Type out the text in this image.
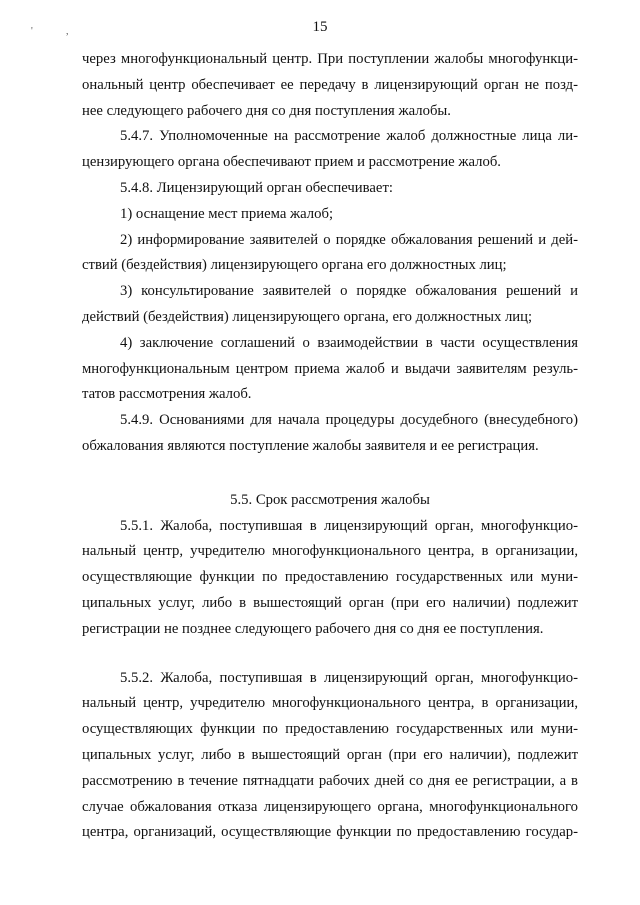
'	,	15
через многофункциональный центр. При поступлении жалобы многофункци-
ональный центр обеспечивает ее передачу в лицензирующий орган не позд-
нее следующего рабочего дня со дня поступления жалобы.
5.4.7. Уполномоченные на рассмотрение жалоб должностные лица ли-
цензирующего органа обеспечивают прием и рассмотрение жалоб.
5.4.8. Лицензирующий орган обеспечивает:
1) оснащение мест приема жалоб;
2) информирование заявителей о порядке обжалования решений и дей-
ствий (бездействия) лицензирующего органа его должностных лиц;
3) консультирование заявителей о порядке обжалования решений и
действий (бездействия) лицензирующего органа, его должностных лиц;
4) заключение соглашений о взаимодействии в части осуществления
многофункциональным центром приема жалоб и выдачи заявителям резуль-
татов рассмотрения жалоб.
5.4.9. Основаниями для начала процедуры досудебного (внесудебного)
обжалования являются поступление жалобы заявителя и ее регистрация.
5.5. Срок рассмотрения жалобы
5.5.1. Жалоба, поступившая в лицензирующий орган, многофункцио-
нальный центр, учредителю многофункционального центра, в организации,
осуществляющие функции по предоставлению государственных или муни-
ципальных услуг, либо в вышестоящий орган (при его наличии) подлежит
регистрации не позднее следующего рабочего дня со дня ее поступления.
5.5.2. Жалоба, поступившая в лицензирующий орган, многофункцио-
нальный центр, учредителю многофункционального центра, в организации,
осуществляющих функции по предоставлению государственных или муни-
ципальных услуг, либо в вышестоящий орган (при его наличии), подлежит
рассмотрению в течение пятнадцати рабочих дней со дня ее регистрации, а в
случае обжалования отказа лицензирующего органа, многофункционального
центра, организаций, осуществляющие функции по предоставлению государ-
